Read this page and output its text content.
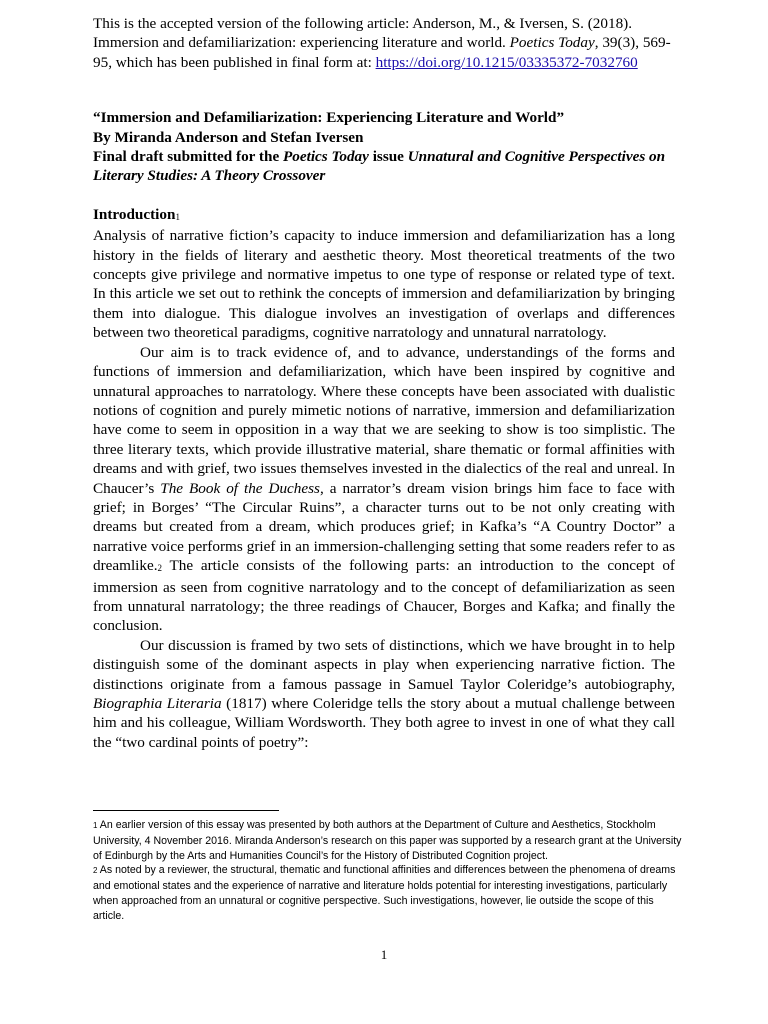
This is the accepted version of the following article: Anderson, M., & Iversen, S. (2018). Immersion and defamiliarization: experiencing literature and world. Poetics Today, 39(3), 569-95, which has been published in final form at: https://doi.org/10.1215/03335372-7032760

“Immersion and Defamiliarization: Experiencing Literature and World”

By Miranda Anderson and Stefan Iversen

Final draft submitted for the Poetics Today issue Unnatural and Cognitive Perspectives on Literary Studies: A Theory Crossover

Introduction1

Analysis of narrative fiction’s capacity to induce immersion and defamiliarization has a long history in the fields of literary and aesthetic theory. Most theoretical treatments of the two concepts give privilege and normative impetus to one type of response or related type of text. In this article we set out to rethink the concepts of immersion and defamiliarization by bringing them into dialogue. This dialogue involves an investigation of overlaps and differences between two theoretical paradigms, cognitive narratology and unnatural narratology.

Our aim is to track evidence of, and to advance, understandings of the forms and functions of immersion and defamiliarization, which have been inspired by cognitive and unnatural approaches to narratology. Where these concepts have been associated with dualistic notions of cognition and purely mimetic notions of narrative, immersion and defamiliarization have come to seem in opposition in a way that we are seeking to show is too simplistic. The three literary texts, which provide illustrative material, share thematic or formal affinities with dreams and with grief, two issues themselves invested in the dialectics of the real and unreal. In Chaucer’s The Book of the Duchess, a narrator’s dream vision brings him face to face with grief; in Borges’ “The Circular Ruins”, a character turns out to be not only creating with dreams but created from a dream, which produces grief; in Kafka’s “A Country Doctor” a narrative voice performs grief in an immersion-challenging setting that some readers refer to as dreamlike.2 The article consists of the following parts: an introduction to the concept of immersion as seen from cognitive narratology and to the concept of defamiliarization as seen from unnatural narratology; the three readings of Chaucer, Borges and Kafka; and finally the conclusion.

Our discussion is framed by two sets of distinctions, which we have brought in to help distinguish some of the dominant aspects in play when experiencing narrative fiction. The distinctions originate from a famous passage in Samuel Taylor Coleridge’s autobiography, Biographia Literaria (1817) where Coleridge tells the story about a mutual challenge between him and his colleague, William Wordsworth. They both agree to invest in one of what they call the “two cardinal points of poetry”:

1 An earlier version of this essay was presented by both authors at the Department of Culture and Aesthetics, Stockholm University, 4 November 2016. Miranda Anderson’s research on this paper was supported by a research grant at the University of Edinburgh by the Arts and Humanities Council’s for the History of Distributed Cognition project.

2 As noted by a reviewer, the structural, thematic and functional affinities and differences between the phenomena of dreams and emotional states and the experience of narrative and literature holds potential for interesting investigations, particularly when approached from an unnatural or cognitive perspective. Such investigations, however, lie outside the scope of this article.

1
